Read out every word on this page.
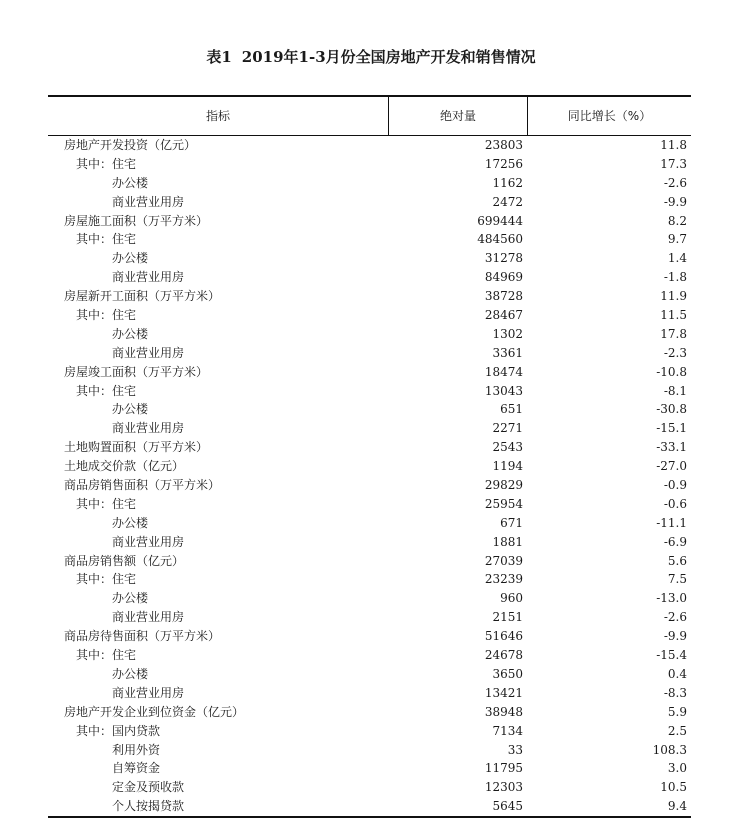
表1 2019年1-3月份全国房地产开发和销售情况
指标	绝对量	同比增长（%）
房地产开发投资（亿元）	23803	11.8
其中：住宅	17256	17.3
办公楼	1162	-2.6
商业营业用房	2472	-9.9
房屋施工面积（万平方米）	699444	8.2
其中：住宅	484560	9.7
办公楼	31278	1.4
商业营业用房	84969	-1.8
房屋新开工面积（万平方米）	38728	11.9
其中：住宅	28467	11.5
办公楼	1302	17.8
商业营业用房	3361	-2.3
房屋竣工面积（万平方米）	18474	-10.8
其中：住宅	13043	-8.1
办公楼	651	-30.8
商业营业用房	2271	-15.1
土地购置面积（万平方米）	2543	-33.1
土地成交价款（亿元）	1194	-27.0
商品房销售面积（万平方米）	29829	-0.9
其中：住宅	25954	-0.6
办公楼	671	-11.1
商业营业用房	1881	-6.9
商品房销售额（亿元）	27039	5.6
其中：住宅	23239	7.5
办公楼	960	-13.0
商业营业用房	2151	-2.6
商品房待售面积（万平方米）	51646	-9.9
其中：住宅	24678	-15.4
办公楼	3650	0.4
商业营业用房	13421	-8.3
房地产开发企业到位资金（亿元）	38948	5.9
其中：国内贷款	7134	2.5
利用外资	33	108.3
自筹资金	11795	3.0
定金及预收款	12303	10.5
个人按揭贷款	5645	9.4
